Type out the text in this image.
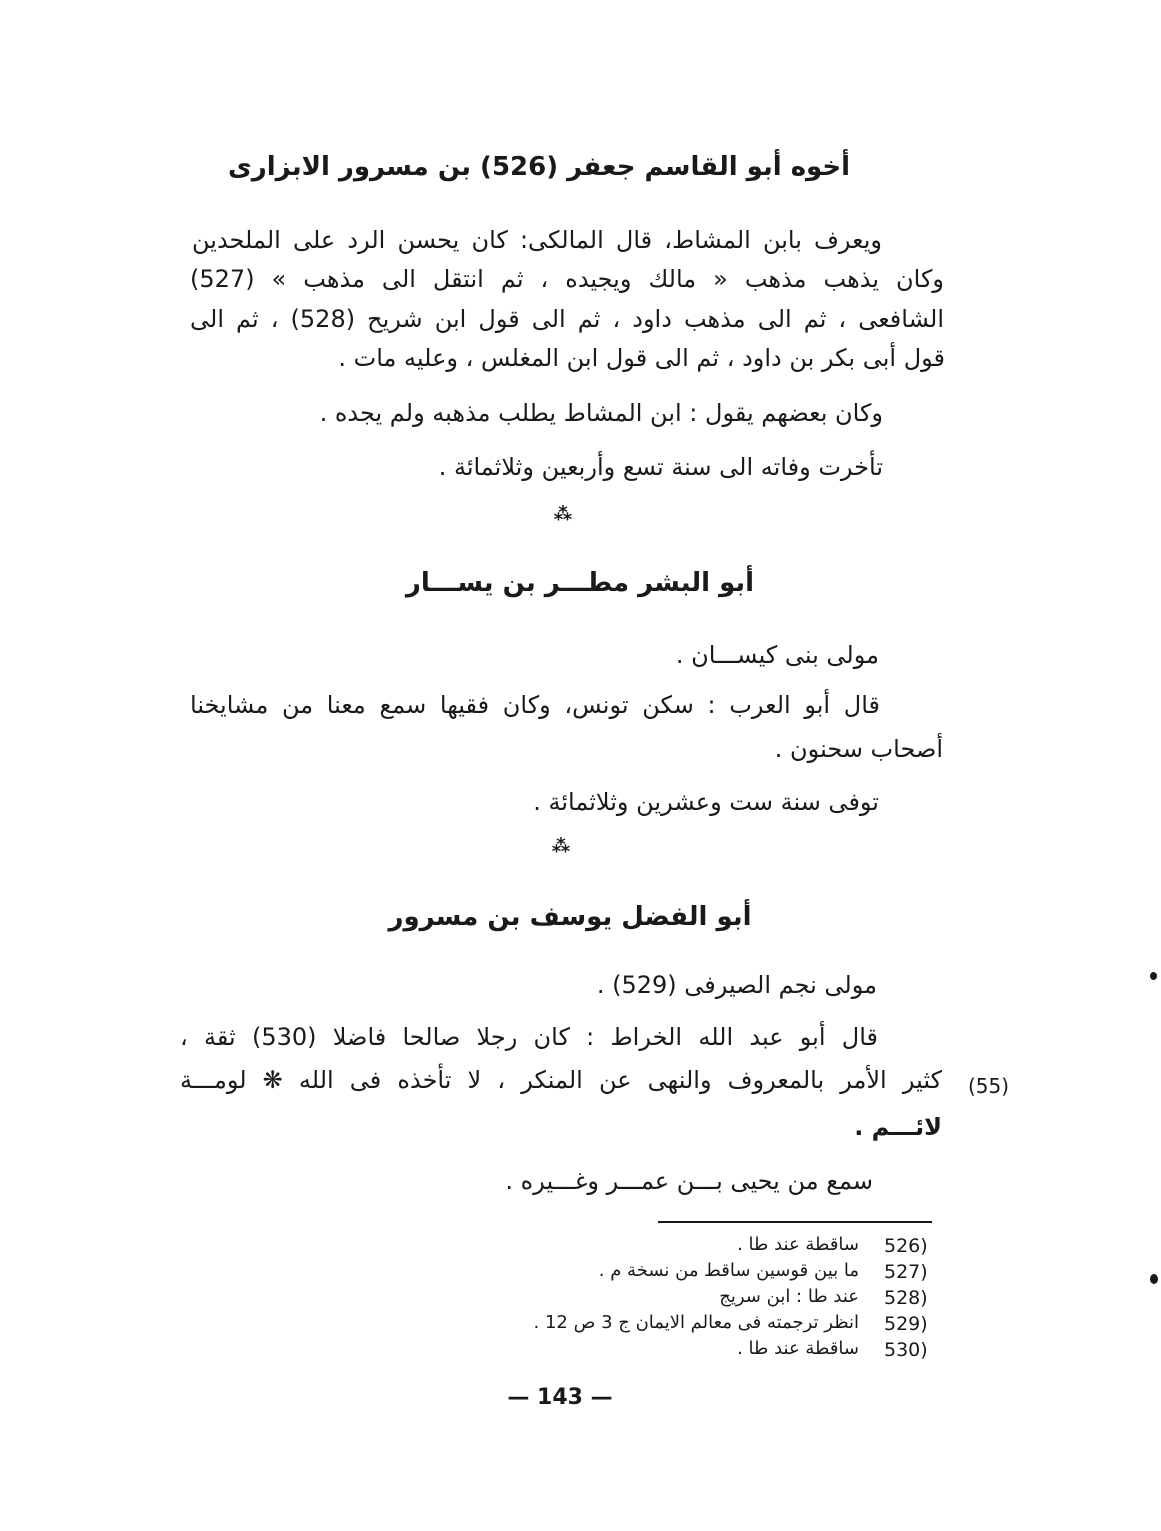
أخوه أبو القاسم جعفر (526) بن مسرور الابزارى
ويعرف بابن المشاط، قال المالكى: كان يحسن الرد على الملحدين
وكان يذهب مذهب « مالك ويجيده ، ثم انتقل الى مذهب » (527)
الشافعى ، ثم الى مذهب داود ، ثم الى قول ابن شريح (528) ، ثم الى
قول أبى بكر بن داود ، ثم الى قول ابن المغلس ، وعليه مات .
وكان بعضهم يقول : ابن المشاط يطلب مذهبه ولم يجده .
تأخرت وفاته الى سنة تسع وأربعين وثلاثمائة .
⁂
أبو البشر مطـــر بن يســـار
مولى بنى كيســـان .
قال أبو العرب : سكن تونس، وكان فقيها سمع معنا من مشايخنا
أصحاب سحنون .
توفى سنة ست وعشرين وثلاثمائة .
⁂
أبو الفضل يوسف بن مسرور
مولى نجم الصيرفى (529) .
قال أبو عبد الله الخراط : كان رجلا صالحا فاضلا (530) ثقة ،
كثير الأمر بالمعروف والنهى عن المنكر ، لا تأخذه فى الله ❋ لومـــة
لائـــم .
سمع من يحيى بـــن عمـــر وغـــيره .
(55)
526)
ساقطة عند طا .
527)
ما بين قوسين ساقط من نسخة م .
528)
عند طا : ابن سريج
529)
انظر ترجمته فى معالم الايمان ج 3 ص 12 .
530)
ساقطة عند طا .
— 143 —
